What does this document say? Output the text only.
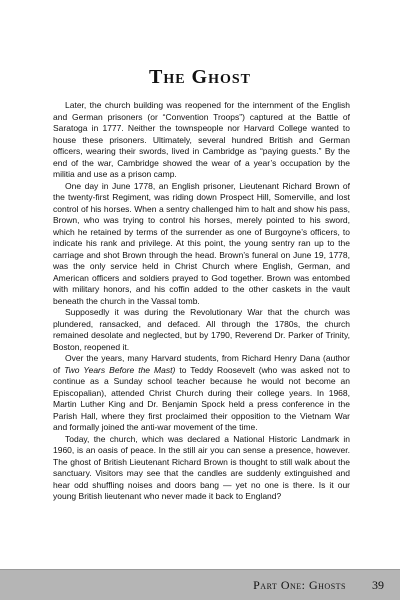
The Ghost

Later, the church building was reopened for the internment of the English and German prisoners (or “Convention Troops”) captured at the Battle of Saratoga in 1777. Neither the townspeople nor Harvard College wanted to house these prisoners. Ultimately, several hundred British and German officers, wearing their swords, lived in Cambridge as “paying guests.” By the end of the war, Cambridge showed the wear of a year’s occupation by the militia and use as a prison camp.

One day in June 1778, an English prisoner, Lieutenant Richard Brown of the twenty-first Regiment, was riding down Prospect Hill, Somerville, and lost control of his horses. When a sentry challenged him to halt and show his pass, Brown, who was trying to control his horses, merely pointed to his sword, which he retained by terms of the surrender as one of Burgoyne’s officers, to indicate his rank and privilege. At this point, the young sentry ran up to the carriage and shot Brown through the head. Brown’s funeral on June 19, 1778, was the only service held in Christ Church where English, German, and American officers and soldiers prayed to God together. Brown was entombed with military honors, and his coffin added to the other caskets in the vault beneath the church in the Vassal tomb.

Supposedly it was during the Revolutionary War that the church was plundered, ransacked, and defaced. All through the 1780s, the church remained desolate and neglected, but by 1790, Reverend Dr. Parker of Trinity, Boston, reopened it.

Over the years, many Harvard students, from Richard Henry Dana (author of Two Years Before the Mast) to Teddy Roosevelt (who was asked not to continue as a Sunday school teacher because he would not become an Episcopalian), attended Christ Church during their college years. In 1968, Martin Luther King and Dr. Benjamin Spock held a press conference in the Parish Hall, where they first proclaimed their opposition to the Vietnam War and formally joined the anti-war movement of the time.

Today, the church, which was declared a National Historic Landmark in 1960, is an oasis of peace. In the still air you can sense a presence, however. The ghost of British Lieutenant Richard Brown is thought to still walk about the sanctuary. Visitors may see that the candles are suddenly extinguished and hear odd shuffling noises and doors bang — yet no one is there. Is it our young British lieutenant who never made it back to England?

Part One: Ghosts 39
